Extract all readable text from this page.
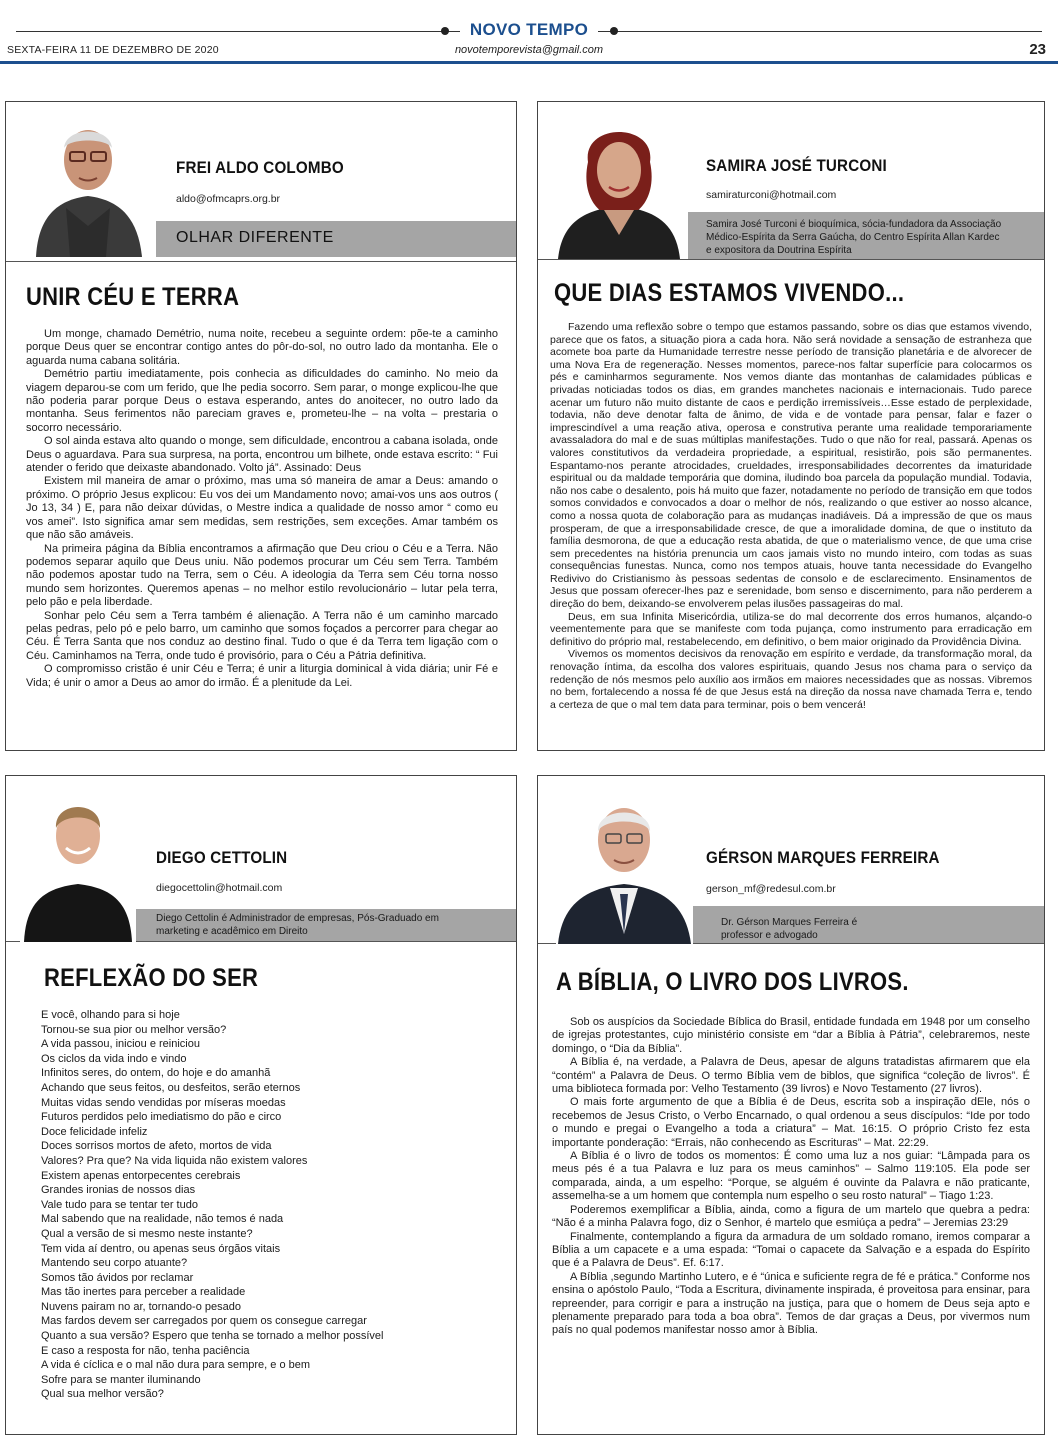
NOVO TEMPO
SEXTA-FEIRA 11 DE DEZEMBRO DE 2020	novotemporevista@gmail.com	23
FREI ALDO COLOMBO
aldo@ofmcaprs.org.br
OLHAR DIFERENTE
UNIR CÉU E TERRA

Um monge, chamado Demétrio, numa noite, recebeu a seguinte ordem: põe-te a caminho porque Deus quer se encontrar contigo antes do pôr-do-sol, no outro lado da montanha. Ele o aguarda numa cabana solitária.

Demétrio partiu imediatamente, pois conhecia as dificuldades do caminho. No meio da viagem deparou-se com um ferido, que lhe pedia socorro. Sem parar, o monge explicou-lhe que não poderia parar porque Deus o estava esperando, antes do anoitecer, no outro lado da montanha. Seus ferimentos não pareciam graves e, prometeu-lhe – na volta – prestaria o socorro necessário.

O sol ainda estava alto quando o monge, sem dificuldade, encontrou a cabana isolada, onde Deus o aguardava. Para sua surpresa, na porta, encontrou um bilhete, onde estava escrito: “ Fui atender o ferido que deixaste abandonado. Volto já”. Assinado: Deus

Existem mil maneira de amar o próximo, mas uma só maneira de amar a Deus: amando o próximo. O próprio Jesus explicou: Eu vos dei um Mandamento novo; amai-vos uns aos outros ( Jo 13, 34 ) E, para não deixar dúvidas, o Mestre indica a qualidade de nosso amor “ como eu vos amei”. Isto significa amar sem medidas, sem restrições, sem exceções. Amar também os que não são amáveis.

Na primeira página da Bíblia encontramos a afirmação que Deu criou o Céu e a Terra. Não podemos separar aquilo que Deus uniu. Não podemos procurar um Céu sem Terra. Também não podemos apostar tudo na Terra, sem o Céu. A ideologia da Terra sem Céu torna nosso mundo sem horizontes. Queremos apenas – no melhor estilo revolucionário – lutar pela terra, pelo pão e pela liberdade.

Sonhar pelo Céu sem a Terra também é alienação. A Terra não é um caminho marcado pelas pedras, pelo pó e pelo barro, um caminho que somos foçados a percorrer para chegar ao Céu. É Terra Santa que nos conduz ao destino final. Tudo o que é da Terra tem ligação com o Céu. Caminhamos na Terra, onde tudo é provisório, para o Céu a Pátria definitiva.

O compromisso cristão é unir Céu e Terra; é unir a liturgia dominical à vida diária; unir Fé e Vida; é unir o amor a Deus ao amor do irmão. É a plenitude da Lei.

SAMIRA JOSÉ TURCONI
samiraturconi@hotmail.com
Samira José Turconi é bioquímica, sócia-fundadora da Associação Médico-Espírita da Serra Gaúcha, do Centro Espírita Allan Kardec e expositora da Doutrina Espírita
QUE DIAS ESTAMOS VIVENDO...

Fazendo uma reflexão sobre o tempo que estamos passando, sobre os dias que estamos vivendo, parece que os fatos, a situação piora a cada hora. Não será novidade a sensação de estranheza que acomete boa parte da Humanidade terrestre nesse período de transição planetária e de alvorecer de uma Nova Era de regeneração. Nesses momentos, parece-nos faltar superfície para colocarmos os pés e caminharmos seguramente. Nos vemos diante das montanhas de calamidades públicas e privadas noticiadas todos os dias, em grandes manchetes nacionais e internacionais. Tudo parece acenar um futuro não muito distante de caos e perdição irremissíveis…Esse estado de perplexidade, todavia, não deve denotar falta de ânimo, de vida e de vontade para pensar, falar e fazer o imprescindível a uma reação ativa, operosa e construtiva perante uma realidade temporariamente avassaladora do mal e de suas múltiplas manifestações. Tudo o que não for real, passará. Apenas os valores constitutivos da verdadeira propriedade, a espiritual, resistirão, pois são permanentes. Espantamo-nos perante atrocidades, crueldades, irresponsabilidades decorrentes da imaturidade espiritual ou da maldade temporária que domina, iludindo boa parcela da população mundial. Todavia, não nos cabe o desalento, pois há muito que fazer, notadamente no período de transição em que todos somos convidados e convocados a doar o melhor de nós, realizando o que estiver ao nosso alcance, como a nossa quota de colaboração para as mudanças inadiáveis. Dá a impressão de que os maus prosperam, de que a irresponsabilidade cresce, de que a imoralidade domina, de que o instituto da família desmorona, de que a educação resta abatida, de que o materialismo vence, de que uma crise sem precedentes na história prenuncia um caos jamais visto no mundo inteiro, com todas as suas consequências funestas. Nunca, como nos tempos atuais, houve tanta necessidade do Evangelho Redivivo do Cristianismo às pessoas sedentas de consolo e de esclarecimento. Ensinamentos de Jesus que possam oferecer-lhes paz e serenidade, bom senso e discernimento, para não perderem a direção do bem, deixando-se envolverem pelas ilusões passageiras do mal.

Deus, em sua Infinita Misericórdia, utiliza-se do mal decorrente dos erros humanos, alçando-o veementemente para que se manifeste com toda pujança, como instrumento para erradicação em definitivo do próprio mal, restabelecendo, em definitivo, o bem maior originado da Providência Divina.

Vivemos os momentos decisivos da renovação em espírito e verdade, da transformação moral, da renovação íntima, da escolha dos valores espirituais, quando Jesus nos chama para o serviço da redenção de nós mesmos pelo auxílio aos irmãos em maiores necessidades que as nossas. Vibremos no bem, fortalecendo a nossa fé de que Jesus está na direção da nossa nave chamada Terra e, tendo a certeza de que o mal tem data para terminar, pois o bem vencerá!

DIEGO CETTOLIN
diegocettolin@hotmail.com
Diego Cettolin é Administrador de empresas, Pós-Graduado em marketing e acadêmico em Direito
REFLEXÃO DO SER
E você, olhando para si hoje
Tornou-se sua pior ou melhor versão?
A vida passou, iniciou e reiniciou
Os ciclos da vida indo e vindo
Infinitos seres, do ontem, do hoje e do amanhã
Achando que seus feitos, ou desfeitos, serão eternos
Muitas vidas sendo vendidas por míseras moedas
Futuros perdidos pelo imediatismo do pão e circo
Doce felicidade infeliz
Doces sorrisos mortos de afeto, mortos de vida
Valores? Pra que? Na vida liquida não existem valores
Existem apenas entorpecentes cerebrais
Grandes ironias de nossos dias
Vale tudo para se tentar ter tudo
Mal sabendo que na realidade, não temos é nada
Qual a versão de si mesmo neste instante?
Tem vida aí dentro, ou apenas seus órgãos vitais
Mantendo seu corpo atuante?
Somos tão ávidos por reclamar
Mas tão inertes para perceber a realidade
Nuvens pairam no ar, tornando-o pesado
Mas fardos devem ser carregados por quem os consegue carregar
Quanto a sua versão? Espero que tenha se tornado a melhor possível
E caso a resposta for não, tenha paciência
A vida é cíclica e o mal não dura para sempre, e o bem
Sofre para se manter iluminando
Qual sua melhor versão?
GÉRSON MARQUES FERREIRA
gerson_mf@redesul.com.br
Dr. Gérson Marques Ferreira é
professor e advogado
A BÍBLIA, O LIVRO DOS LIVROS.

Sob os auspícios da Sociedade Bíblica do Brasil, entidade fundada em 1948 por um conselho de igrejas protestantes, cujo ministério consiste em “dar a Bíblia à Pátria”, celebraremos, neste domingo, o “Dia da Bíblia”.

A Bíblia é, na verdade, a Palavra de Deus, apesar de alguns tratadistas afirmarem que ela “contém” a Palavra de Deus. O termo Bíblia vem de biblos, que significa “coleção de livros”. É uma biblioteca formada por: Velho Testamento (39 livros) e Novo Testamento (27 livros).

O mais forte argumento de que a Bíblia é de Deus, escrita sob a inspiração dEle, nós o recebemos de Jesus Cristo, o Verbo Encarnado, o qual ordenou a seus discípulos: “Ide por todo o mundo e pregai o Evangelho a toda a criatura” – Mat. 16:15. O próprio Cristo fez esta importante ponderação: “Errais, não conhecendo as Escrituras” – Mat. 22:29.

A Bíblia é o livro de todos os momentos: É como uma luz a nos guiar: “Lâmpada para os meus pés é a tua Palavra e luz para os meus caminhos” – Salmo 119:105. Ela pode ser comparada, ainda, a um espelho: “Porque, se alguém é ouvinte da Palavra e não praticante, assemelha-se a um homem que contempla num espelho o seu rosto natural” – Tiago 1:23.

Poderemos exemplificar a Bíblia, ainda, como a figura de um martelo que quebra a pedra: “Não é a minha Palavra fogo, diz o Senhor, é martelo que esmiúça a pedra” – Jeremias 23:29

Finalmente, contemplando a figura da armadura de um soldado romano, iremos comparar a Bíblia a um capacete e a uma espada: “Tomai o capacete da Salvação e a espada do Espírito que é a Palavra de Deus”. Ef. 6:17.

A Bíblia ,segundo Martinho Lutero, e é “única e suficiente regra de fé e prática.” Conforme nos ensina o apóstolo Paulo, “Toda a Escritura, divinamente inspirada, é proveitosa para ensinar, para repreender, para corrigir e para a instrução na justiça, para que o homem de Deus seja apto e plenamente preparado para toda a boa obra”. Temos de dar graças a Deus, por vivermos num país no qual podemos manifestar nosso amor à Bíblia.
